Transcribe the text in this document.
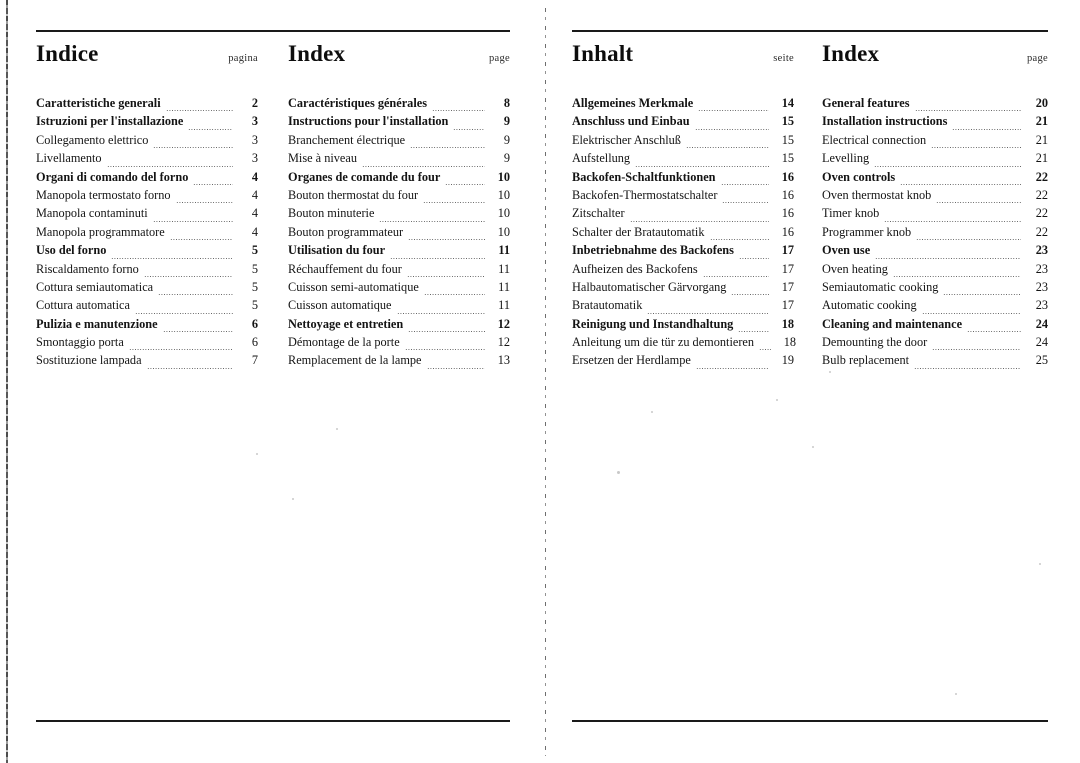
Indice	pagina
Caratteristiche generali	2
Istruzioni per l'installazione	3
Collegamento elettrico	3
Livellamento	3
Organi di comando del forno	4
Manopola termostato forno	4
Manopola contaminuti	4
Manopola programmatore	4
Uso del forno	5
Riscaldamento forno	5
Cottura semiautomatica	5
Cottura automatica	5
Pulizia e manutenzione	6
Smontaggio porta	6
Sostituzione lampada	7
Index	page
Caractéristiques générales	8
Instructions pour l'installation	9
Branchement électrique	9
Mise à niveau	9
Organes de comande du four	10
Bouton thermostat du four	10
Bouton minuterie	10
Bouton programmateur	10
Utilisation du four	11
Réchauffement du four	11
Cuisson semi-automatique	11
Cuisson automatique	11
Nettoyage et entretien	12
Démontage de la porte	12
Remplacement de la lampe	13
Inhalt	seite
Allgemeines Merkmale	14
Anschluss und Einbau	15
Elektrischer Anschluß	15
Aufstellung	15
Backofen-Schaltfunktionen	16
Backofen-Thermostatschalter	16
Zitschalter	16
Schalter der Bratautomatik	16
Inbetriebnahme des Backofens	17
Aufheizen des Backofens	17
Halbautomatischer Gärvorgang	17
Bratautomatik	17
Reinigung und Instandhaltung	18
Anleitung um die tür zu demontieren	18
Ersetzen der Herdlampe	19
Index	page
General features	20
Installation instructions	21
Electrical connection	21
Levelling	21
Oven controls	22
Oven thermostat knob	22
Timer knob	22
Programmer knob	22
Oven use	23
Oven heating	23
Semiautomatic cooking	23
Automatic cooking	23
Cleaning and maintenance	24
Demounting the door	24
Bulb replacement	25
